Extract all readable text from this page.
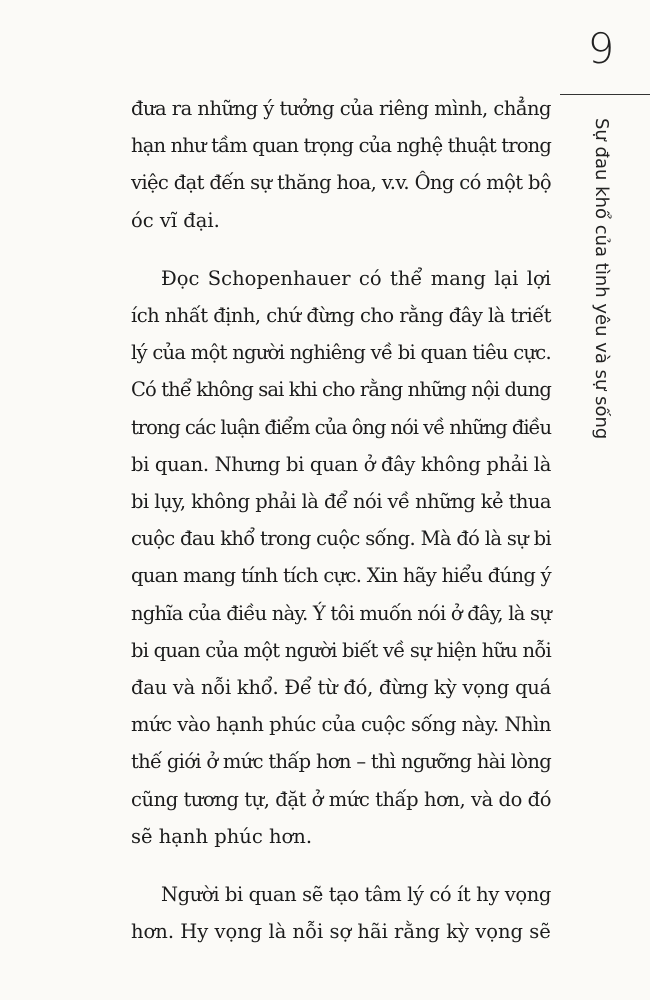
9
Sự đau khổ của tình yêu và sự sống
đưa ra những ý tưởng của riêng mình, chẳng
hạn như tầm quan trọng của nghệ thuật trong
việc đạt đến sự thăng hoa, v.v. Ông có một bộ
óc vĩ đại.
Đọc Schopenhauer có thể mang lại lợi
ích nhất định, chứ đừng cho rằng đây là triết
lý của một người nghiêng về bi quan tiêu cực.
Có thể không sai khi cho rằng những nội dung
trong các luận điểm của ông nói về những điều
bi quan. Nhưng bi quan ở đây không phải là
bi lụy, không phải là để nói về những kẻ thua
cuộc đau khổ trong cuộc sống. Mà đó là sự bi
quan mang tính tích cực. Xin hãy hiểu đúng ý
nghĩa của điều này. Ý tôi muốn nói ở đây, là sự
bi quan của một người biết về sự hiện hữu nỗi
đau và nỗi khổ. Để từ đó, đừng kỳ vọng quá
mức vào hạnh phúc của cuộc sống này. Nhìn
thế giới ở mức thấp hơn – thì ngưỡng hài lòng
cũng tương tự, đặt ở mức thấp hơn, và do đó
sẽ hạnh phúc hơn.
Người bi quan sẽ tạo tâm lý có ít hy vọng
hơn. Hy vọng là nỗi sợ hãi rằng kỳ vọng sẽ
